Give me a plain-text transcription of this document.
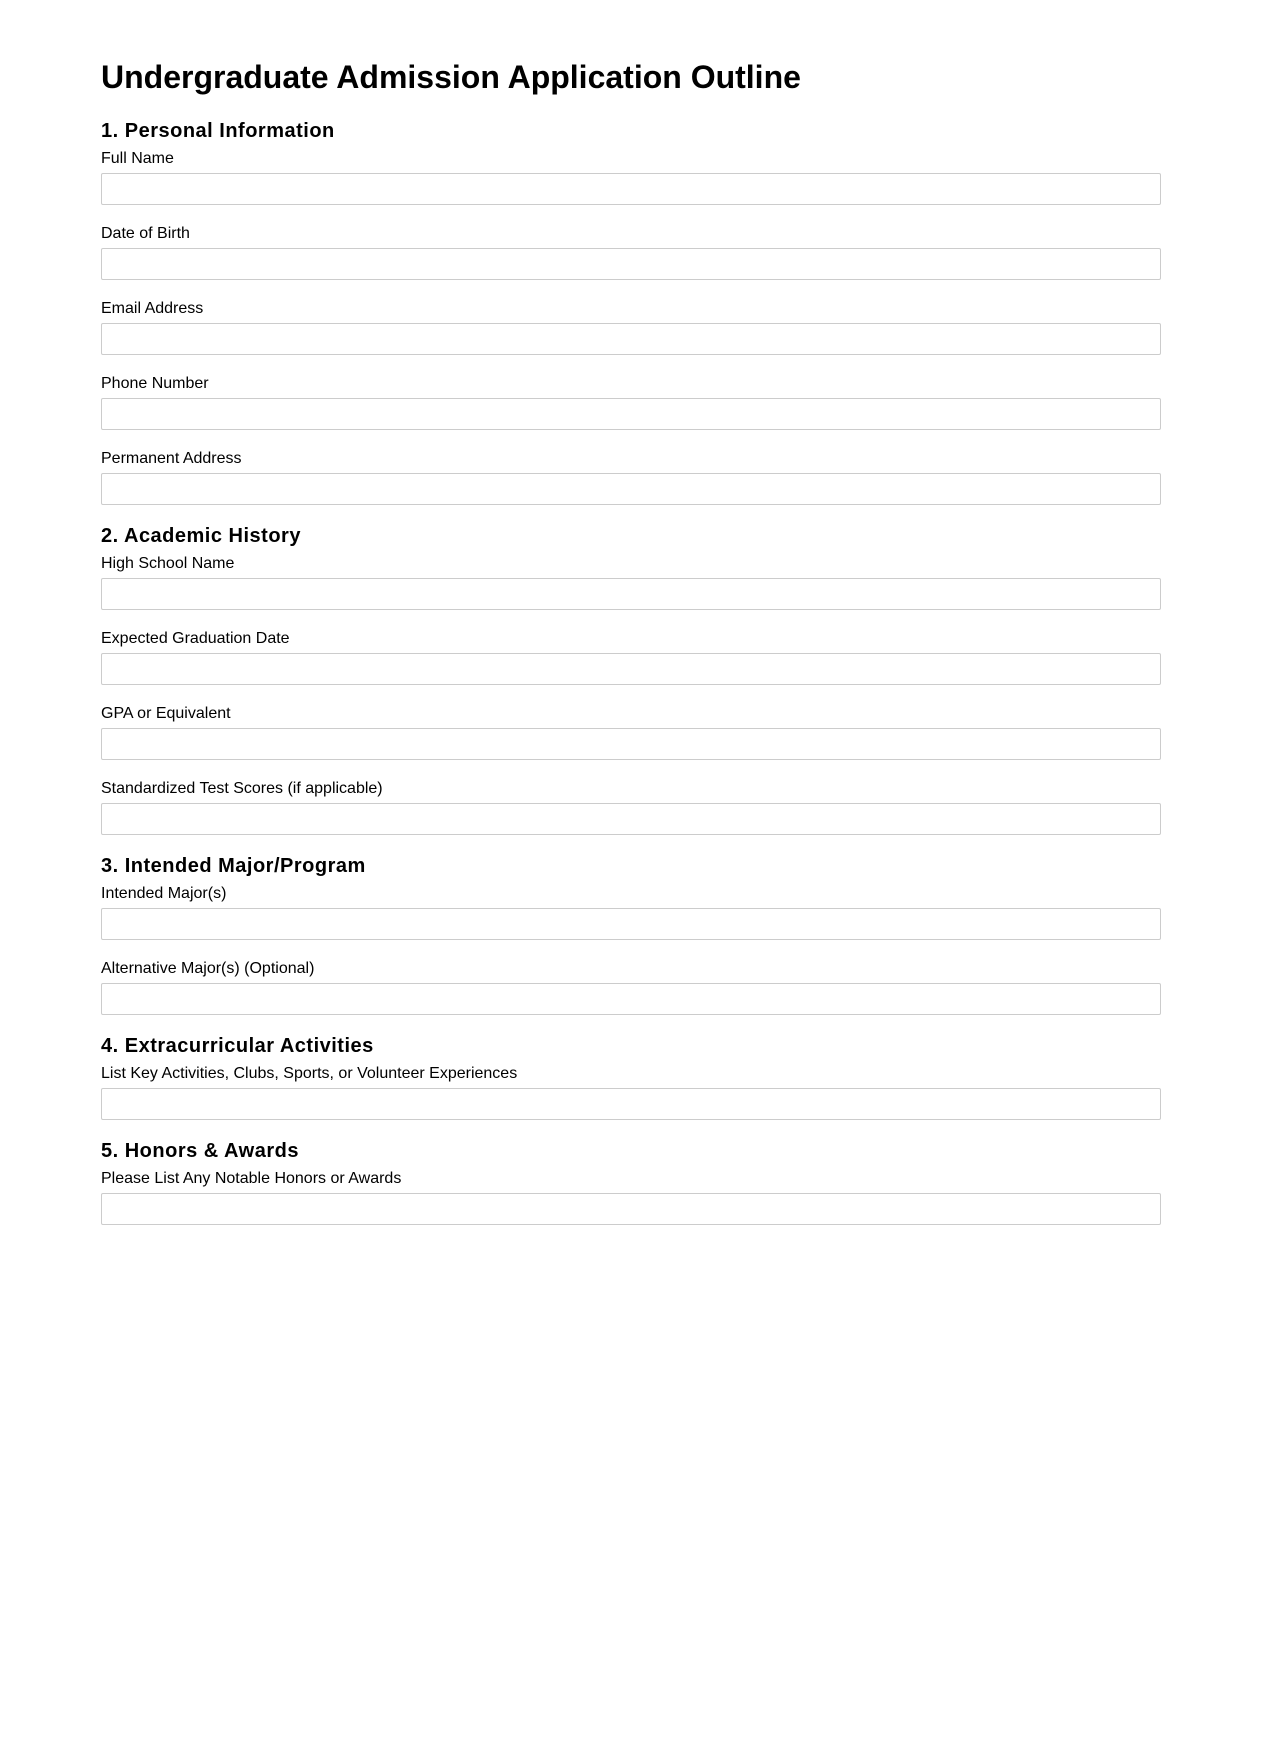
Undergraduate Admission Application Outline
1. Personal Information
Full Name
Date of Birth
Email Address
Phone Number
Permanent Address
2. Academic History
High School Name
Expected Graduation Date
GPA or Equivalent
Standardized Test Scores (if applicable)
3. Intended Major/Program
Intended Major(s)
Alternative Major(s) (Optional)
4. Extracurricular Activities
List Key Activities, Clubs, Sports, or Volunteer Experiences
5. Honors & Awards
Please List Any Notable Honors or Awards
